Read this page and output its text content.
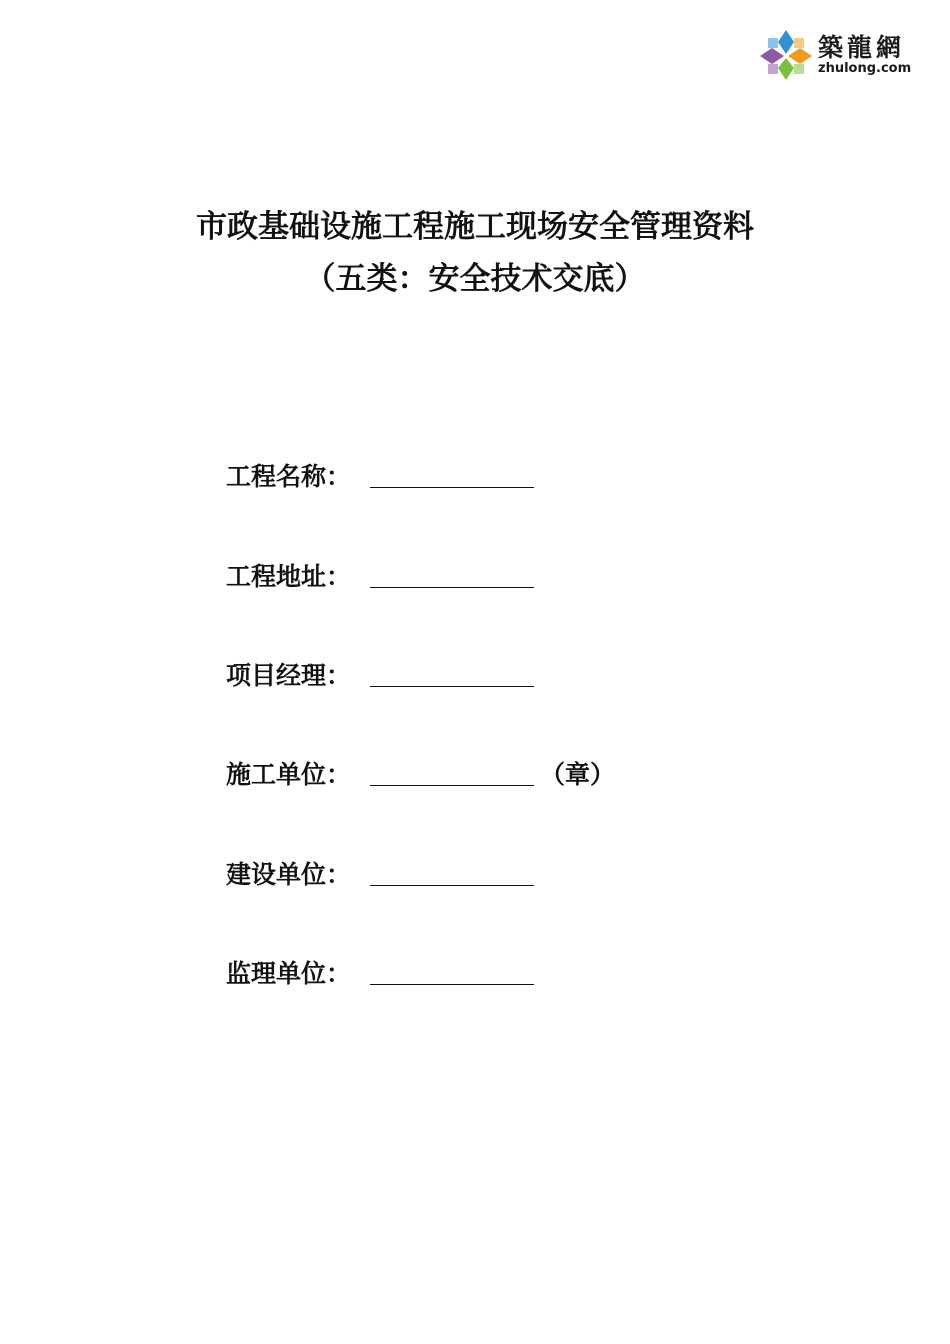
築龍網
zhulong.com
市政基础设施工程施工现场安全管理资料
（五类：安全技术交底）
工程名称：
工程地址：
项目经理：
施工单位：	（章）
建设单位：
监理单位：
